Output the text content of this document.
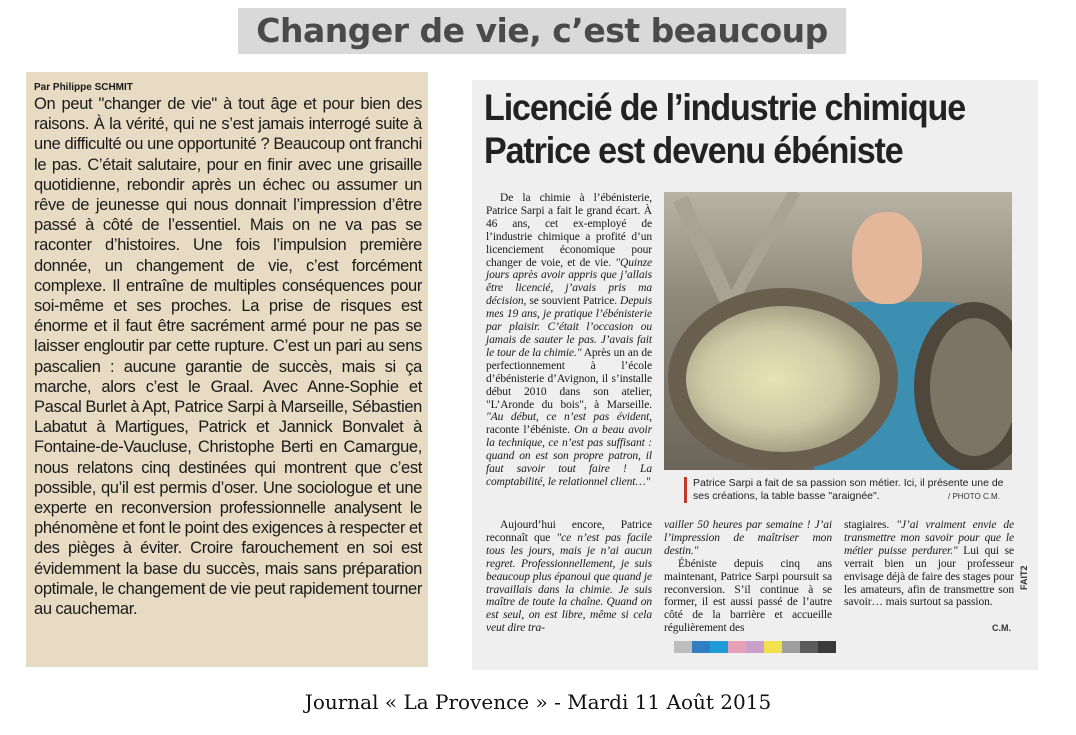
Changer de vie, c’est beaucoup
Par Philippe SCHMIT
On peut "changer de vie" à tout âge et pour bien des raisons. À la vérité, qui ne s’est jamais interrogé suite à une difficulté ou une opportunité ? Beaucoup ont franchi le pas. C’était salutaire, pour en finir avec une grisaille quotidienne, rebondir après un échec ou assumer un rêve de jeunesse qui nous donnait l’impression d’être passé à côté de l’essentiel. Mais on ne va pas se raconter d’histoires. Une fois l’impulsion première donnée, un changement de vie, c’est forcément complexe. Il entraîne de multiples conséquences pour soi-même et ses proches. La prise de risques est énorme et il faut être sacrément armé pour ne pas se laisser engloutir par cette rupture. C’est un pari au sens pascalien : aucune garantie de succès, mais si ça marche, alors c’est le Graal. Avec Anne-Sophie et Pascal Burlet à Apt, Patrice Sarpi à Marseille, Sébastien Labatut à Martigues, Patrick et Jannick Bonvalet à Fontaine-de-Vaucluse, Christophe Berti en Camargue, nous relatons cinq destinées qui montrent que c’est possible, qu’il est permis d’oser. Une sociologue et une experte en reconversion professionnelle analysent le phénomène et font le point des exigences à respecter et des pièges à éviter. Croire farouchement en soi est évidemment la base du succès, mais sans préparation optimale, le changement de vie peut rapidement tourner au cauchemar.
Licencié de l’industrie chimique
Patrice est devenu ébéniste
De la chimie à l’ébénisterie, Patrice Sarpi a fait le grand écart. À 46 ans, cet ex-employé de l’industrie chimique a profité d’un licenciement économique pour changer de voie, et de vie. "Quinze jours après avoir appris que j’allais être licencié, j’avais pris ma décision, se souvient Patrice. Depuis mes 19 ans, je pratique l’ébénisterie par plaisir. C’était l’occasion ou jamais de sauter le pas. J’avais fait le tour de la chimie." Après un an de perfectionnement à l’école d’ébénisterie d’Avignon, il s’installe début 2010 dans son atelier, "L’Aronde du bois", à Marseille. "Au début, ce n’est pas évident, raconte l’ébéniste. On a beau avoir la technique, ce n’est pas suffisant : quand on est son propre patron, il faut savoir tout faire ! La comptabilité, le relationnel client…"	Patrice Sarpi a fait de sa passion son métier. Ici, il présente une de ses créations, la table basse "araignée".	/ PHOTO C.M.
Aujourd’hui encore, Patrice reconnaît que "ce n’est pas facile tous les jours, mais je n’ai aucun regret. Professionnellement, je suis beaucoup plus épanoui que quand je travaillais dans la chimie. Je suis maître de toute la chaîne. Quand on est seul, on est libre, même si cela veut dire tra-
vailler 50 heures par semaine ! J’ai l’impression de maîtriser mon destin."
Ébéniste depuis cinq ans maintenant, Patrice Sarpi poursuit sa reconversion. S’il continue à se former, il est aussi passé de l’autre côté de la barrière et accueille régulièrement des
stagiaires. "J’ai vraiment envie de transmettre mon savoir pour que le métier puisse perdurer." Lui qui se verrait bien un jour professeur envisage déjà de faire des stages pour les amateurs, afin de transmettre son savoir… mais surtout sa passion.
FAIT2
C.M.
Journal « La Provence » - Mardi 11 Août 2015
